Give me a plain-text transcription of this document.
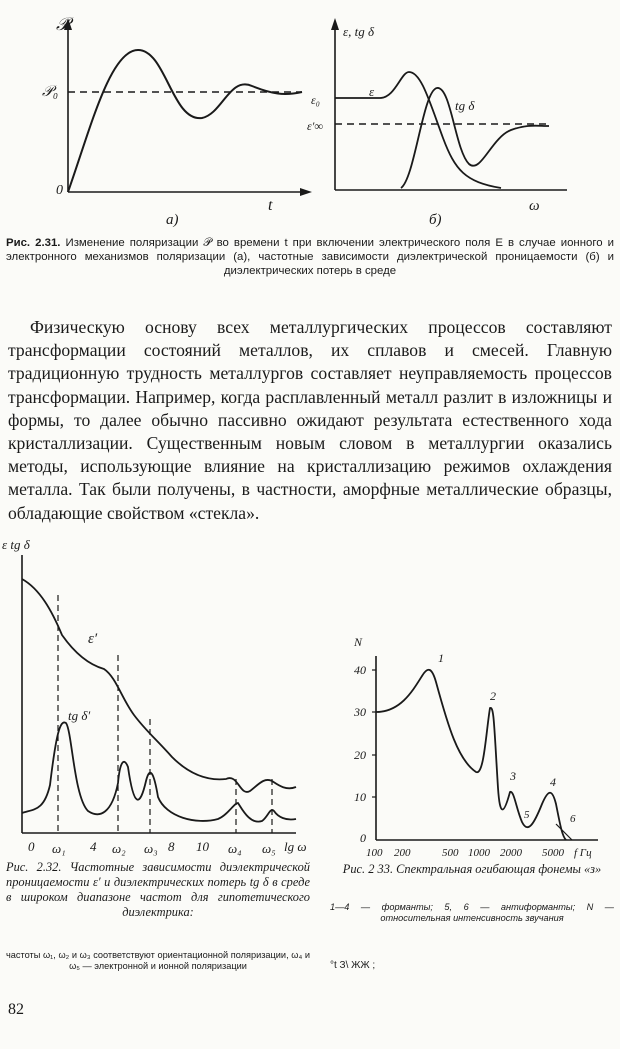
𝒫
𝒫₀
0
t
а)
ε, tg δ
ε₀
ε′∞
ε
tg δ
ω
б)
Рис. 2.31. Изменение поляризации 𝒫 во времени t при включении электрического поля E в случае ионного и электронного механизмов поляризации (а), частотные зависимости диэлектрической проницаемости (б) и диэлектрических потерь в среде
Физическую основу всех металлургических процессов составляют трансформации состояний металлов, их сплавов и смесей. Главную традиционную трудность металлургов составляет неуправляемость процессов трансформации. Например, когда расплавленный металл разлит в изложницы и формы, то далее обычно пассивно ожидают результата естественного хода кристаллизации. Существенным новым словом в металлургии оказались методы, использующие влияние на кристаллизацию режимов охлаждения металла. Так были получены, в частности, аморфные металлические образцы, обладающие свойством «стекла».
ε tg δ
ε′
tg δ′
0 ω₁ 4 ω₂ ω₃ 8 10 ω₄ ω₅ lg ω
Рис. 2.32. Частотные зависимости диэлектрической проницаемости ε′ и диэлектрических потерь tg δ в среде в широком диапазоне частот для гипотетического диэлектрика:
частоты ω₁, ω₂ и ω₃ соответствуют ориентационной поляризации, ω₄ и ω₅ — электронной и ионной поляризации
N
40
30
20
10
0
1
2
3	4
5	6
100 200	500 1000 2000 5000 f Гц
Рис. 2 33. Спектральная огибающая фонемы «з»
1—4 — форманты; 5, 6 — антиформанты; N — относительная интенсивность звучания
°t З\ ЖЖ ;
82
